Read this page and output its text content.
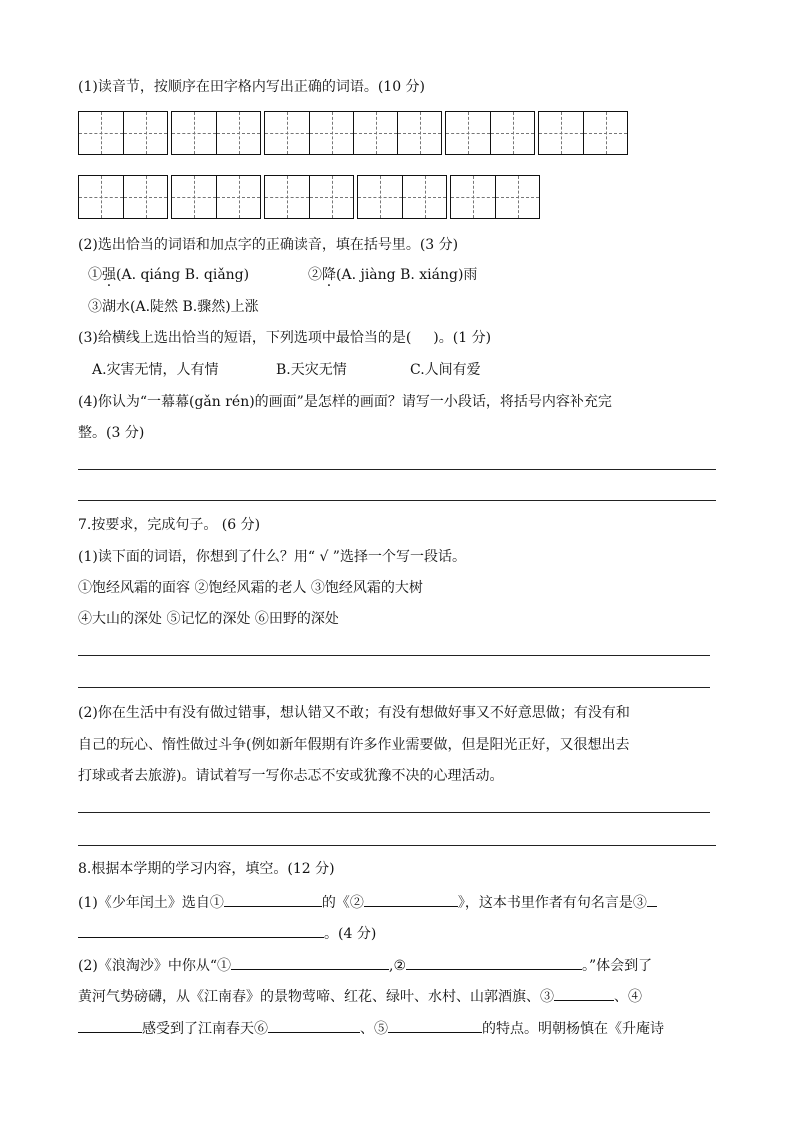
(1)读音节，按顺序在田字格内写出正确的词语。(10 分)
(2)选出恰当的词语和加点字的正确读音，填在括号里。(3 分)
①强(A. qiáng B. qiǎng)	②降(A. jiàng B. xiáng)雨
③湖水(A.陡然 B.骤然)上涨
(3)给横线上选出恰当的短语，下列选项中最恰当的是( )。(1 分)
A.灾害无情，人有情	B.天灾无情	C.人间有爱
(4)你认为“一幕幕(gǎn rén)的画面”是怎样的画面？请写一小段话，将括号内容补充完
整。(3 分)
7.按要求，完成句子。 (6 分)
(1)读下面的词语，你想到了什么？用“ √ ”选择一个写一段话。
①饱经风霜的面容 ②饱经风霜的老人 ③饱经风霜的大树
④大山的深处 ⑤记忆的深处 ⑥田野的深处
(2)你在生活中有没有做过错事，想认错又不敢；有没有想做好事又不好意思做；有没有和
自己的玩心、惰性做过斗争(例如新年假期有许多作业需要做，但是阳光正好，又很想出去
打球或者去旅游)。请试着写一写你忐忑不安或犹豫不决的心理活动。
8.根据本学期的学习内容，填空。(12 分)
(1)《少年闰土》选自①	的《②	》，这本书里作者有句名言是③
。(4 分)
(2)《浪淘沙》中你从“①	,②	。”体会到了
黄河气势磅礴，从《江南春》的景物莺啼、红花、绿叶、水村、山郭酒旗、③	、④
感受到了江南春天⑥	、⑤	的特点。明朝杨慎在《升庵诗
